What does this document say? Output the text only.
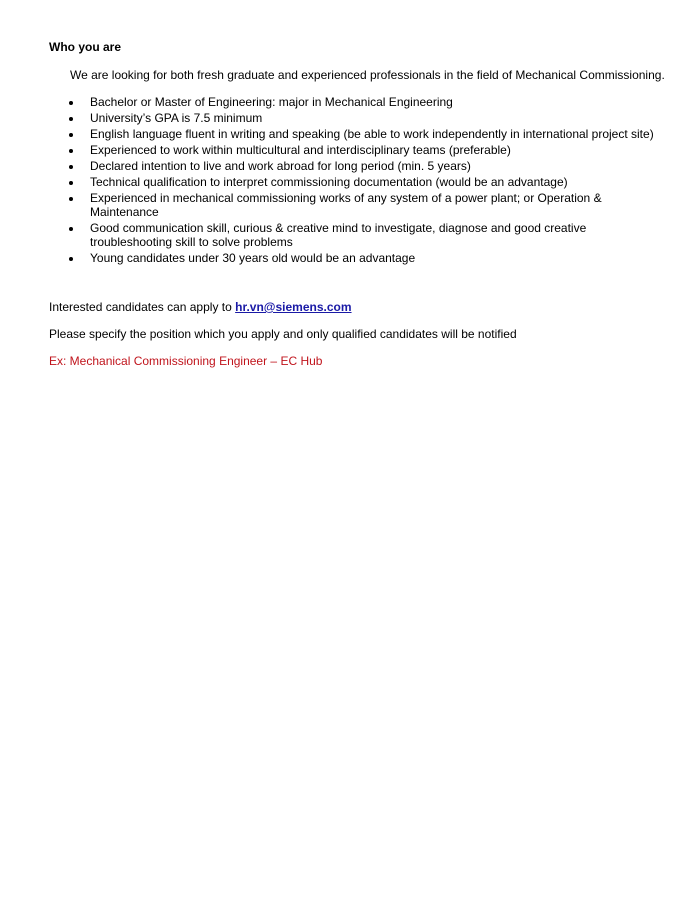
Who you are

We are looking for both fresh graduate and experienced professionals in the field of Mechanical Commissioning.

Bachelor or Master of Engineering: major in Mechanical Engineering
University’s GPA is 7.5 minimum
English language fluent in writing and speaking (be able to work independently in international project site)
Experienced to work within multicultural and interdisciplinary teams (preferable)
Declared intention to live and work abroad for long period (min. 5 years)
Technical qualification to interpret commissioning documentation (would be an advantage)
Experienced in mechanical commissioning works of any system of a power plant; or Operation & Maintenance
Good communication skill, curious & creative mind to investigate, diagnose and good creative troubleshooting skill to solve problems
Young candidates under 30 years old would be an advantage

Interested candidates can apply to hr.vn@siemens.com

Please specify the position which you apply and only qualified candidates will be notified

Ex: Mechanical Commissioning Engineer – EC Hub
